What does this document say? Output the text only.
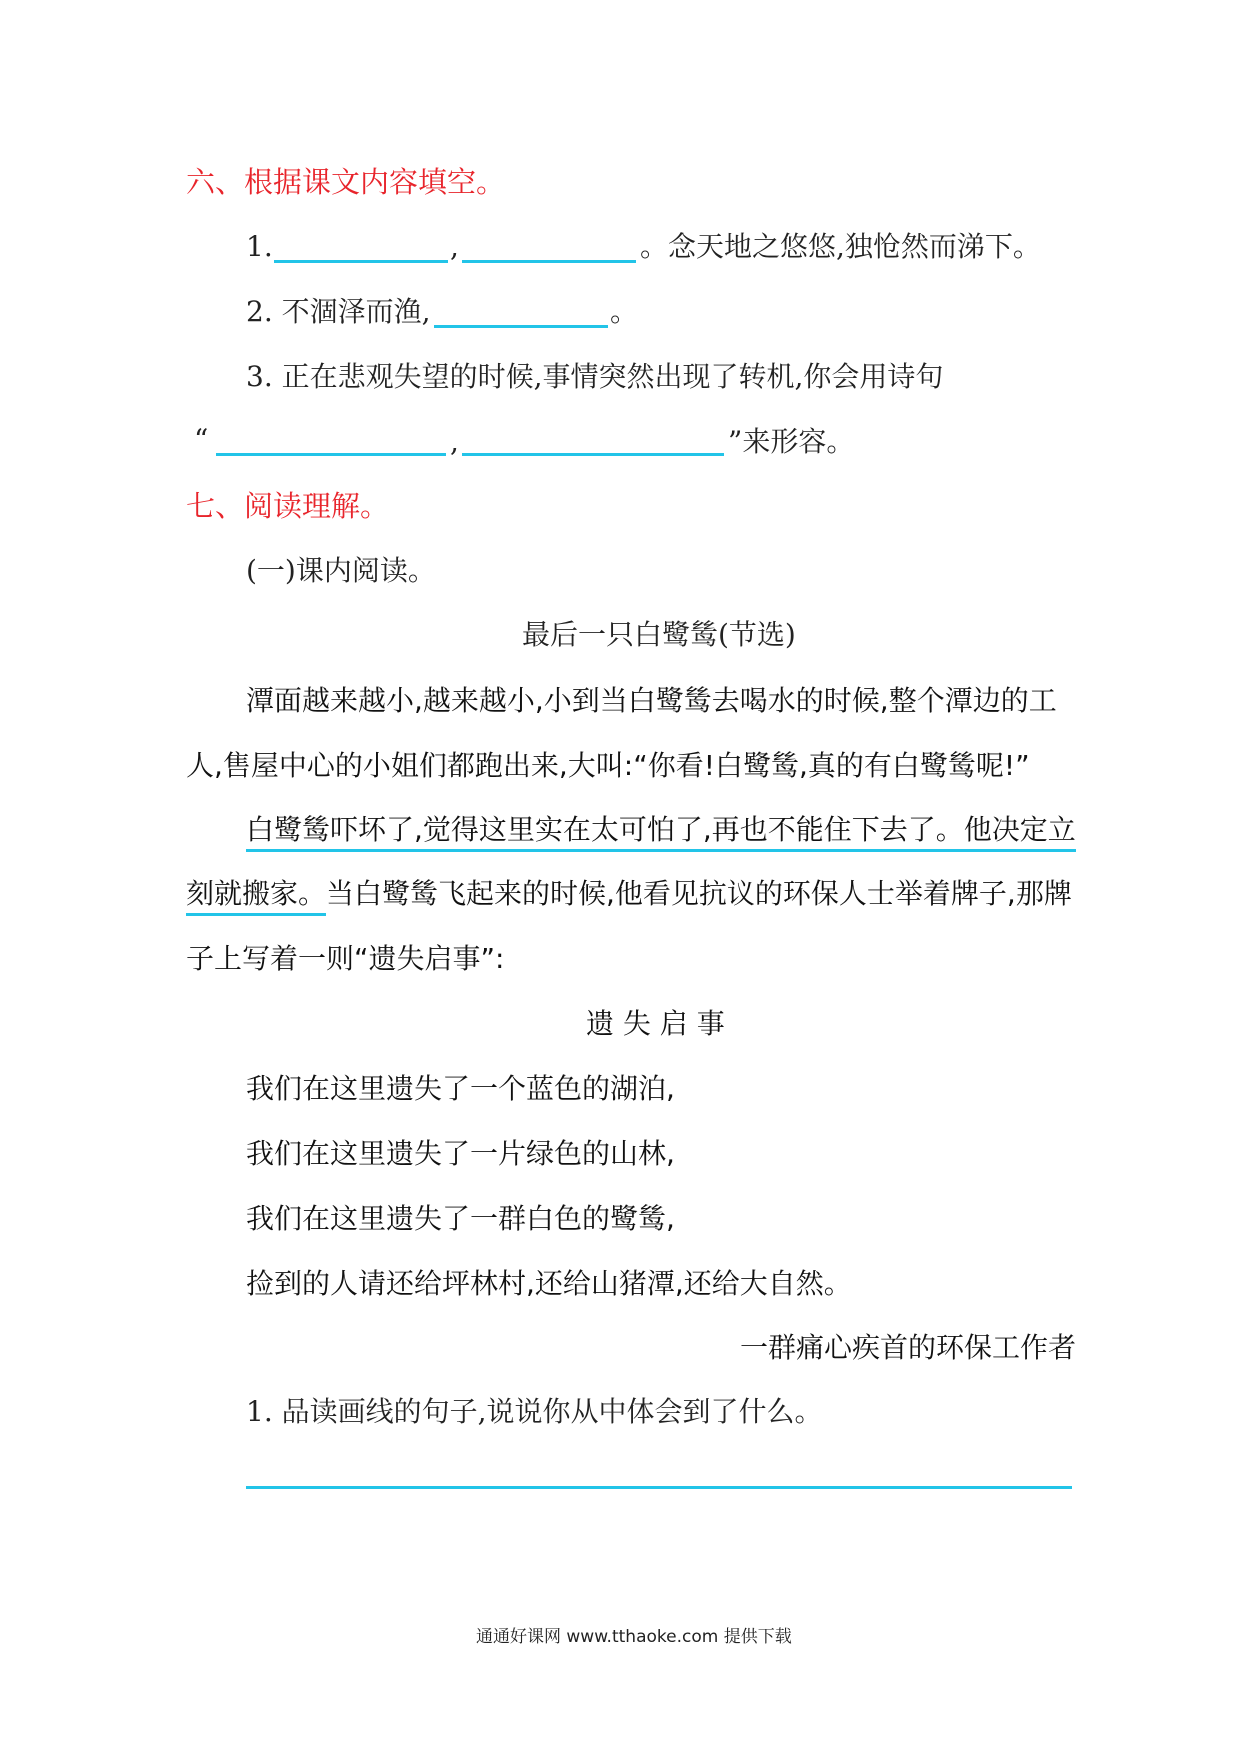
六、根据课文内容填空。
1.	,	。念天地之悠悠,独怆然而涕下。
2. 不涸泽而渔,	。
3. 正在悲观失望的时候,事情突然出现了转机,你会用诗句
“	,	”来形容。
七、阅读理解。
(一)课内阅读。
最后一只白鹭鸶(节选)
潭面越来越小,越来越小,小到当白鹭鸶去喝水的时候,整个潭边的工
人,售屋中心的小姐们都跑出来,大叫:“你看!白鹭鸶,真的有白鹭鸶呢!”
白鹭鸶吓坏了,觉得这里实在太可怕了,再也不能住下去了。他决定立
刻就搬家。当白鹭鸶飞起来的时候,他看见抗议的环保人士举着牌子,那牌
子上写着一则“遗失启事”:
遗 失 启 事
我们在这里遗失了一个蓝色的湖泊,
我们在这里遗失了一片绿色的山林,
我们在这里遗失了一群白色的鹭鸶,
捡到的人请还给坪林村,还给山猪潭,还给大自然。
一群痛心疾首的环保工作者
1. 品读画线的句子,说说你从中体会到了什么。
通通好课网 www.tthaoke.com 提供下载
